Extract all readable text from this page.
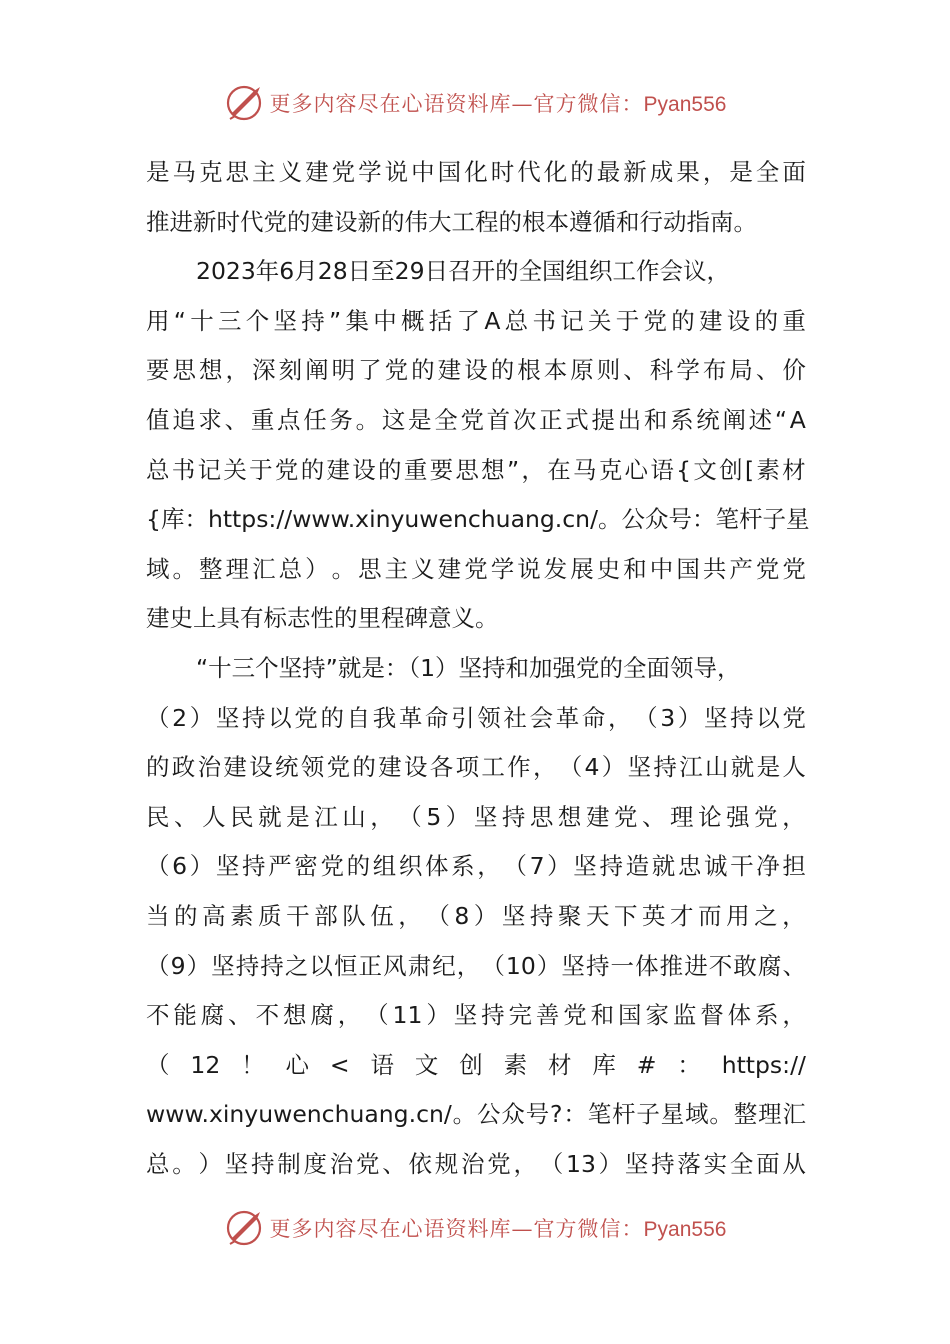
更多内容尽在心语资料库—官方微信：Pyan556
是 马 克 思 主 义 建 党 学 说 中 国 化 时 代 化 的 最 新 成 果 ， 是 全 面
推进新时代党的建设新的伟大工程的根本遵循和行动指南。
2023年6月28日至29日召开的全国组织工作会议，
用 “ 十 三 个 坚 持 ” 集 中 概 括 了 A 总 书 记 关 于 党 的 建 设 的 重
要 思 想 ， 深 刻 阐 明 了 党 的 建 设 的 根 本 原 则 、 科 学 布 局 、 价
值 追 求 、 重 点 任 务 。 这 是 全 党 首 次 正 式 提 出 和 系 统 阐 述 “ A
总 书 记 关 于 党 的 建 设 的 重 要 思 想 ” ， 在 马 克 心 语 { 文 创 [ 素 材
{ 库 ： https://www.xinyuwenchuang.cn/ 。 公 众 号 ： 笔 杆 子 星
域 。 整 理 汇 总 ） 。 思 主 义 建 党 学 说 发 展 史 和 中 国 共 产 党 党
建史上具有标志性的里程碑意义。
“十三个坚持”就是：（1）坚持和加强党的全面领导，
（ 2 ） 坚 持 以 党 的 自 我 革 命 引 领 社 会 革 命 ， （ 3 ） 坚 持 以 党
的 政 治 建 设 统 领 党 的 建 设 各 项 工 作 ， （ 4 ） 坚 持 江 山 就 是 人
民 、 人 民 就 是 江 山 ， （ 5 ） 坚 持 思 想 建 党 、 理 论 强 党 ，
（ 6 ） 坚 持 严 密 党 的 组 织 体 系 ， （ 7 ） 坚 持 造 就 忠 诚 干 净 担
当 的 高 素 质 干 部 队 伍 ， （ 8 ） 坚 持 聚 天 下 英 才 而 用 之 ，
（ 9 ） 坚 持 持 之 以 恒 正 风 肃 纪 ， （ 10 ） 坚 持 一 体 推 进 不 敢 腐 、
不 能 腐 、 不 想 腐 ， （ 11 ） 坚 持 完 善 党 和 国 家 监 督 体 系 ，
（ 12 ！ 心 < 语 文 创 素 材 库 # ： https://
www.xinyuwenchuang.cn/ 。 公 众 号 ? ： 笔 杆 子 星 域 。 整 理 汇
总 。 ） 坚 持 制 度 治 党 、 依 规 治 党 ， （ 13 ） 坚 持 落 实 全 面 从
更多内容尽在心语资料库—官方微信：Pyan556
